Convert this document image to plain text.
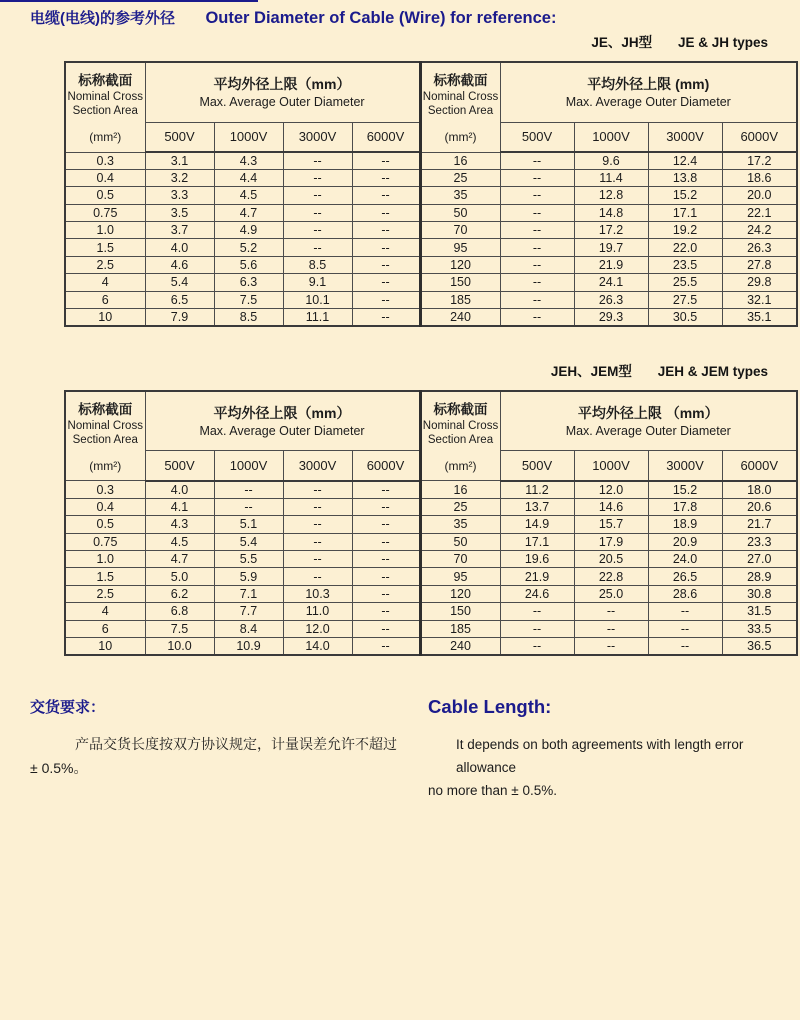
电缆(电线)的参考外径 Outer Diameter of Cable (Wire) for reference:
JE、JH型 JE & JH types
标称截面
Nominal Cross
Section Area
(mm²)	平均外径上限（mm）
Max. Average Outer Diameter				标称截面
Nominal Cross
Section Area
(mm²)	平均外径上限 (mm)
Max. Average Outer Diameter			

	500V	1000V	3000V	6000V		500V	1000V	3000V	6000V
0.3	3.1	4.3	--	--	16	--	9.6	12.4	17.2
0.4	3.2	4.4	--	--	25	--	11.4	13.8	18.6
0.5	3.3	4.5	--	--	35	--	12.8	15.2	20.0
0.75	3.5	4.7	--	--	50	--	14.8	17.1	22.1
1.0	3.7	4.9	--	--	70	--	17.2	19.2	24.2
1.5	4.0	5.2	--	--	95	--	19.7	22.0	26.3
2.5	4.6	5.6	8.5	--	120	--	21.9	23.5	27.8
4	5.4	6.3	9.1	--	150	--	24.1	25.5	29.8
6	6.5	7.5	10.1	--	185	--	26.3	27.5	32.1
10	7.9	8.5	11.1	--	240	--	29.3	30.5	35.1
JEH、JEM型 JEH & JEM types
标称截面
Nominal Cross
Section Area
(mm²)	平均外径上限（mm）
Max. Average Outer Diameter				标称截面
Nominal Cross
Section Area
(mm²)	平均外径上限 （mm）
Max. Average Outer Diameter			

	500V	1000V	3000V	6000V		500V	1000V	3000V	6000V
0.3	4.0	--	--	--	16	11.2	12.0	15.2	18.0
0.4	4.1	--	--	--	25	13.7	14.6	17.8	20.6
0.5	4.3	5.1	--	--	35	14.9	15.7	18.9	21.7
0.75	4.5	5.4	--	--	50	17.1	17.9	20.9	23.3
1.0	4.7	5.5	--	--	70	19.6	20.5	24.0	27.0
1.5	5.0	5.9	--	--	95	21.9	22.8	26.5	28.9
2.5	6.2	7.1	10.3	--	120	24.6	25.0	28.6	30.8
4	6.8	7.7	11.0	--	150	--	--	--	31.5
6	7.5	8.4	12.0	--	185	--	--	--	33.5
10	10.0	10.9	14.0	--	240	--	--	--	36.5

交货要求：

产品交货长度按双方协议规定，计量误差允许不超过
± 0.5%。

Cable Length:

It depends on both agreements with length error allowance
no more than ± 0.5%.
